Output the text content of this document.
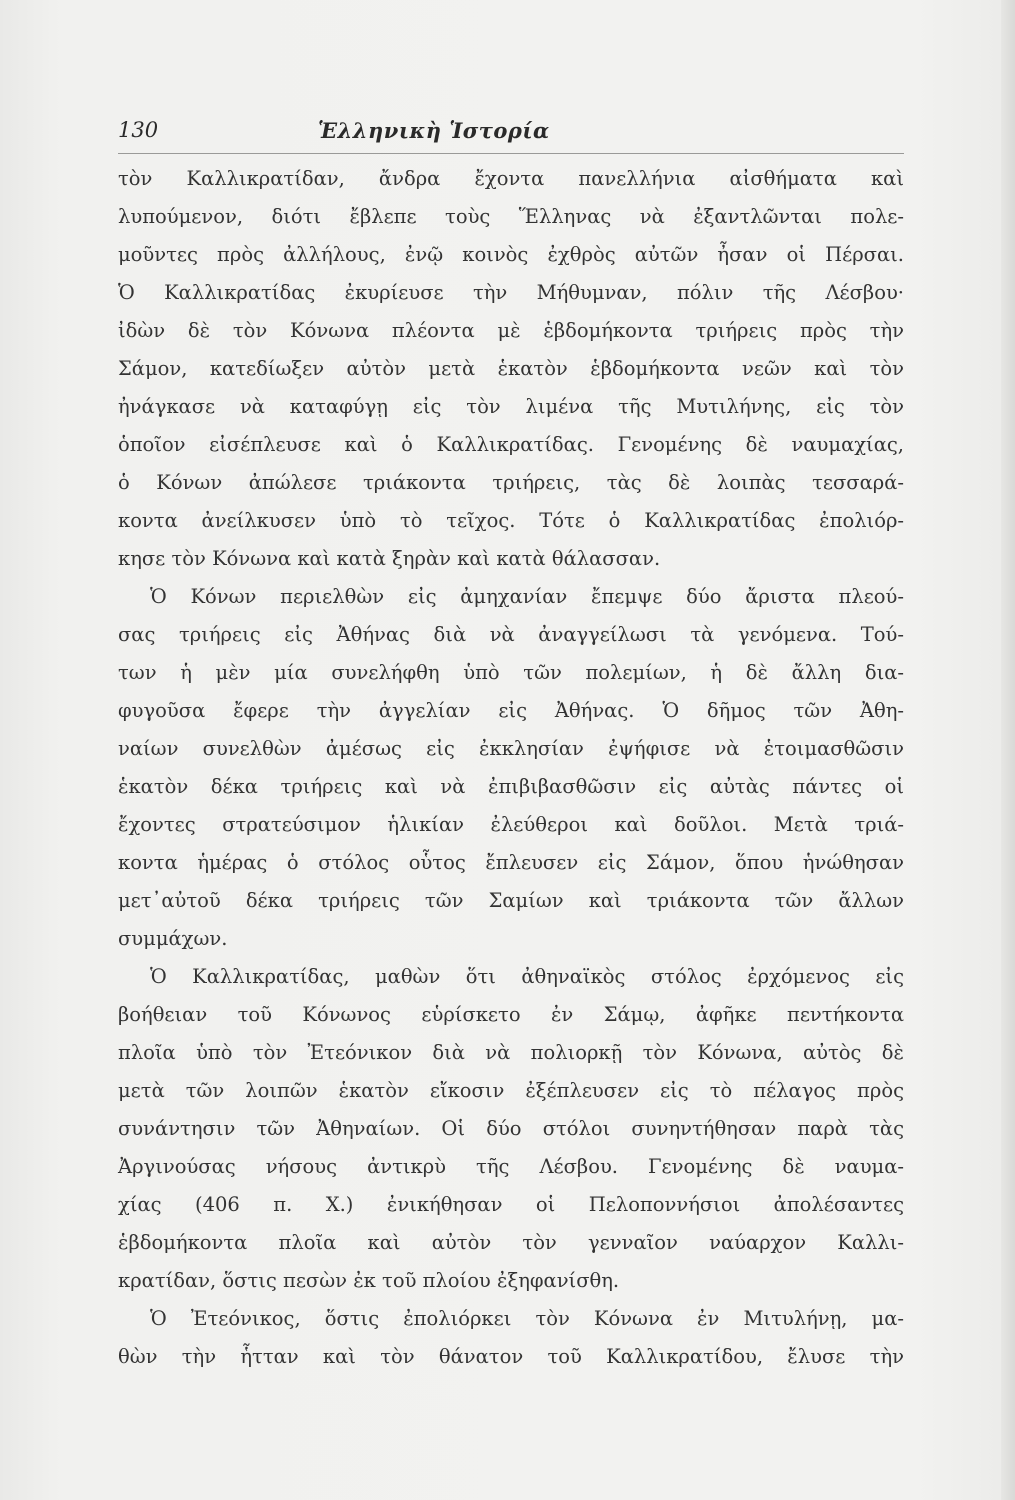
130	Ἑλληνικὴ Ἱστορία
τὸν Καλλικρατίδαν, ἄνδρα ἔχοντα πανελλήνια αἰσθήματα καὶ
λυπούμενον, διότι ἔβλεπε τοὺς Ἕλληνας νὰ ἐξαντλῶνται πολε-
μοῦντες πρὸς ἀλλήλους, ἐνῷ κοινὸς ἐχθρὸς αὐτῶν ἦσαν οἱ Πέρσαι.
Ὁ Καλλικρατίδας ἐκυρίευσε τὴν Μήθυμναν, πόλιν τῆς Λέσβου·
ἰδὼν δὲ τὸν Κόνωνα πλέοντα μὲ ἑβδομήκοντα τριήρεις πρὸς τὴν
Σάμον, κατεδίωξεν αὐτὸν μετὰ ἑκατὸν ἑβδομήκοντα νεῶν καὶ τὸν
ἠνάγκασε νὰ καταφύγῃ εἰς τὸν λιμένα τῆς Μυτιλήνης, εἰς τὸν
ὁποῖον εἰσέπλευσε καὶ ὁ Καλλικρατίδας. Γενομένης δὲ ναυμαχίας,
ὁ Κόνων ἀπώλεσε τριάκοντα τριήρεις, τὰς δὲ λοιπὰς τεσσαρά-
κοντα ἀνείλκυσεν ὑπὸ τὸ τεῖχος. Τότε ὁ Καλλικρατίδας ἐπολιόρ-
κησε τὸν Κόνωνα καὶ κατὰ ξηρὰν καὶ κατὰ θάλασσαν.
Ὁ Κόνων περιελθὼν εἰς ἀμηχανίαν ἔπεμψε δύο ἄριστα πλεού-
σας τριήρεις εἰς Ἀθήνας διὰ νὰ ἀναγγείλωσι τὰ γενόμενα. Τού-
των ἡ μὲν μία συνελήφθη ὑπὸ τῶν πολεμίων, ἡ δὲ ἄλλη δια-
φυγοῦσα ἔφερε τὴν ἀγγελίαν εἰς Ἀθήνας. Ὁ δῆμος τῶν Ἀθη-
ναίων συνελθὼν ἀμέσως εἰς ἐκκλησίαν ἐψήφισε νὰ ἑτοιμασθῶσιν
ἑκατὸν δέκα τριήρεις καὶ νὰ ἐπιβιβασθῶσιν εἰς αὐτὰς πάντες οἱ
ἔχοντες στρατεύσιμον ἡλικίαν ἐλεύθεροι καὶ δοῦλοι. Μετὰ τριά-
κοντα ἡμέρας ὁ στόλος οὗτος ἔπλευσεν εἰς Σάμον, ὅπου ἡνώθησαν
μετ᾽αὐτοῦ δέκα τριήρεις τῶν Σαμίων καὶ τριάκοντα τῶν ἄλλων
συμμάχων.
Ὁ Καλλικρατίδας, μαθὼν ὅτι ἀθηναϊκὸς στόλος ἐρχόμενος εἰς
βοήθειαν τοῦ Κόνωνος εὑρίσκετο ἐν Σάμῳ, ἀφῆκε πεντήκοντα
πλοῖα ὑπὸ τὸν Ἐτεόνικον διὰ νὰ πολιορκῇ τὸν Κόνωνα, αὐτὸς δὲ
μετὰ τῶν λοιπῶν ἑκατὸν εἴκοσιν ἐξέπλευσεν εἰς τὸ πέλαγος πρὸς
συνάντησιν τῶν Ἀθηναίων. Οἱ δύο στόλοι συνηντήθησαν παρὰ τὰς
Ἀργινούσας νήσους ἀντικρὺ τῆς Λέσβου. Γενομένης δὲ ναυμα-
χίας (406 π. Χ.) ἐνικήθησαν οἱ Πελοποννήσιοι ἀπολέσαντες
ἑβδομήκοντα πλοῖα καὶ αὐτὸν τὸν γενναῖον ναύαρχον Καλλι-
κρατίδαν, ὅστις πεσὼν ἐκ τοῦ πλοίου ἐξηφανίσθη.
Ὁ Ἐτεόνικος, ὅστις ἐπολιόρκει τὸν Κόνωνα ἐν Μιτυλήνῃ, μα-
θὼν τὴν ἧτταν καὶ τὸν θάνατον τοῦ Καλλικρατίδου, ἔλυσε τὴν
